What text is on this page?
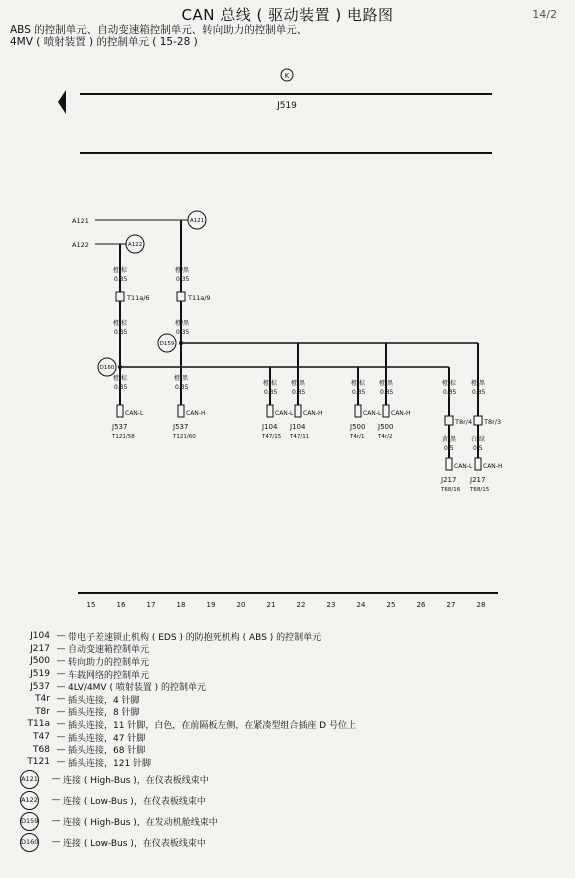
CAN 总线 ( 驱动装置 ) 电路图	14/2
ABS 的控制单元、自动变速箱控制单元、转向助力的控制单元、
4MV ( 喷射装置 ) 的控制单元 ( 15-28 )
K
J519
A121	A121
A122	A122
橙/棕
0.35
橙/黑
0.35
T11a/6	T11a/9
橙/棕
0.35
橙/黑
0.35
D159
D160
橙/棕
0.35
橙/黑
0.35
橙/棕
0.35
橙/黑
0.35
橙/棕
0.35
橙/黑
0.35
橙/棕
0.35
橙/黑
0.35
T8r/4 T8r/3
黄/黑
0.5
白/绿
0.5
CAN-L
J537
T121/58
CAN-H
J537
T121/60
CAN-L
J104
T47/15
CAN-H
J104
T47/11
CAN-L
J500
T4r/1
CAN-H
J500
T4r/2
CAN-L
J217
T68/16
CAN-H
J217
T68/15
15	16	17	18	19	20	21	22	23	24	25	26	27	28
J104 — 带电子差速锁止机构 ( EDS ) 的防抱死机构 ( ABS ) 的控制单元
J217 — 自动变速箱控制单元
J500 — 转向助力的控制单元
J519 — 车载网络的控制单元
J537 — 4LV/4MV ( 喷射装置 ) 的控制单元
T4r — 插头连接，4 针脚
T8r — 插头连接，8 针脚
T11a — 插头连接，11 针脚，白色，在前隔板左侧，在紧凑型组合插座 D 号位上
T47 — 插头连接，47 针脚
T68 — 插头连接，68 针脚
T121 — 插头连接，121 针脚
A121 — 连接 ( High-Bus )，在仪表板线束中
A122 — 连接 ( Low-Bus )，在仪表板线束中
D159 — 连接 ( High-Bus )，在发动机舱线束中
D160 — 连接 ( Low-Bus )，在仪表板线束中
